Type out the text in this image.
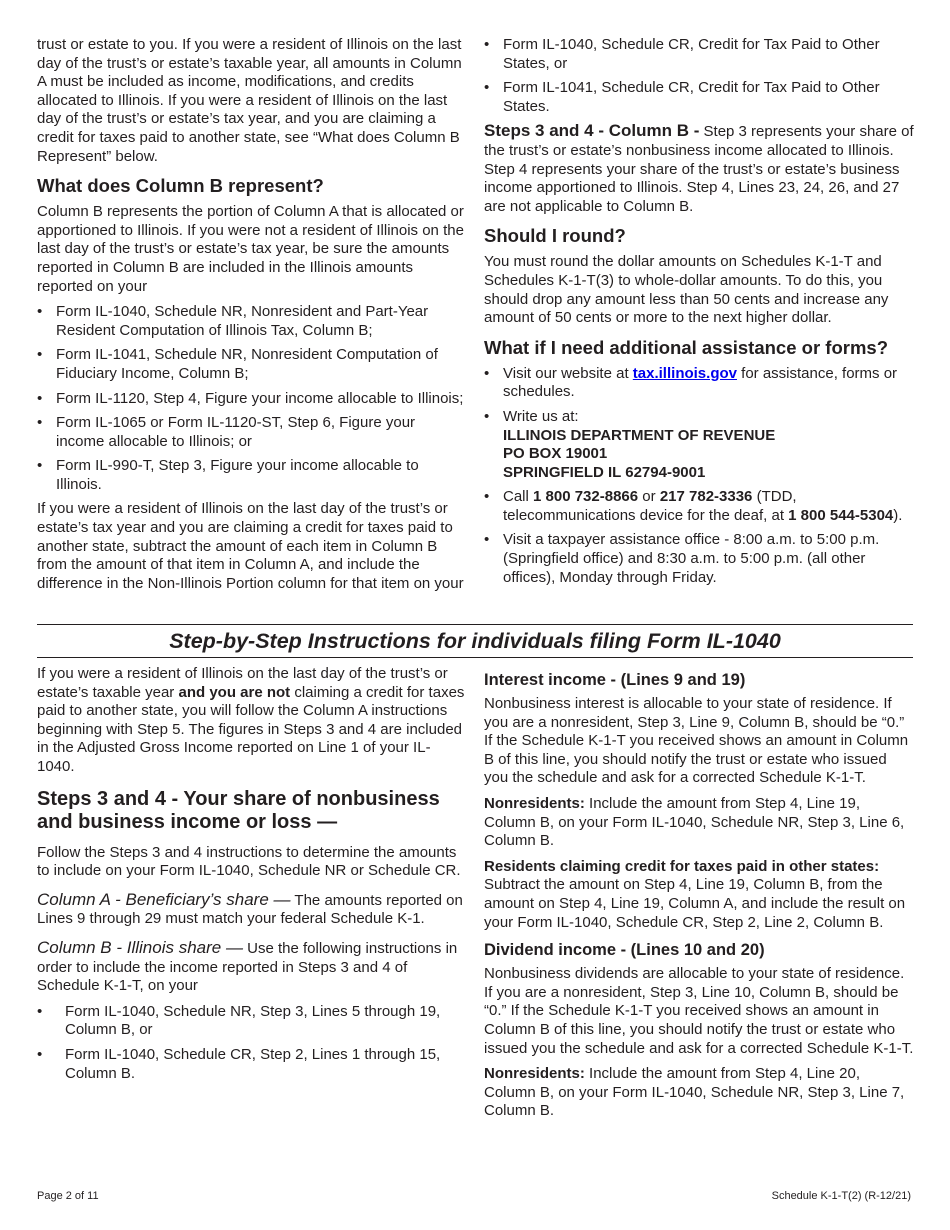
trust or estate to you. If you were a resident of Illinois on the last day of the trust’s or estate’s taxable year, all amounts in Column A must be included as income, modifications, and credits allocated to Illinois. If you were a resident of Illinois on the last day of the trust’s or estate’s tax year, and you are claiming a credit for taxes paid to another state, see “What does Column B Represent” below.

What does Column B represent?

Column B represents the portion of Column A that is allocated or apportioned to Illinois. If you were not a resident of Illinois on the last day of the trust’s or estate’s tax year, be sure the amounts reported in Column B are included in the Illinois amounts reported on your

• Form IL-1040, Schedule NR, Nonresident and Part-Year Resident Computation of Illinois Tax, Column B;
• Form IL-1041, Schedule NR, Nonresident Computation of Fiduciary Income, Column B;
• Form IL-1120, Step 4, Figure your income allocable to Illinois;
• Form IL-1065 or Form IL-1120-ST, Step 6, Figure your income allocable to Illinois; or
• Form IL-990-T, Step 3, Figure your income allocable to Illinois.

If you were a resident of Illinois on the last day of the trust’s or estate’s tax year and you are claiming a credit for taxes paid to another state, subtract the amount of each item in Column B from the amount of that item in Column A, and include the difference in the Non-Illinois Portion column for that item on your

• Form IL-1040, Schedule CR, Credit for Tax Paid to Other States, or
• Form IL-1041, Schedule CR, Credit for Tax Paid to Other States.

Steps 3 and 4 - Column B - Step 3 represents your share of the trust’s or estate’s nonbusiness income allocated to Illinois. Step 4 represents your share of the trust’s or estate’s business income apportioned to Illinois. Step 4, Lines 23, 24, 26, and 27 are not applicable to Column B.

Should I round?

You must round the dollar amounts on Schedules K-1-T and Schedules K-1-T(3) to whole-dollar amounts. To do this, you should drop any amount less than 50 cents and increase any amount of 50 cents or more to the next higher dollar.

What if I need additional assistance or forms?
• Visit our website at tax.illinois.gov for assistance, forms or schedules.
• Write us at:
ILLINOIS DEPARTMENT OF REVENUE
PO BOX 19001
SPRINGFIELD IL 62794-9001
• Call 1 800 732-8866 or 217 782-3336 (TDD, telecommunications device for the deaf, at 1 800 544-5304).
• Visit a taxpayer assistance office - 8:00 a.m. to 5:00 p.m. (Springfield office) and 8:30 a.m. to 5:00 p.m. (all other offices), Monday through Friday.
Step-by-Step Instructions for individuals filing Form IL-1040

If you were a resident of Illinois on the last day of the trust’s or estate’s taxable year and you are not claiming a credit for taxes paid to another state, you will follow the Column A instructions beginning with Step 5. The figures in Steps 3 and 4 are included in the Adjusted Gross Income reported on Line 1 of your IL-1040.

Steps 3 and 4 - Your share of nonbusiness and business income or loss —

Follow the Steps 3 and 4 instructions to determine the amounts to include on your Form IL-1040, Schedule NR or Schedule CR.

Column A - Beneficiary’s share — The amounts reported on Lines 9 through 29 must match your federal Schedule K-1.

Column B - Illinois share — Use the following instructions in order to include the income reported in Steps 3 and 4 of Schedule K-1-T, on your

• Form IL-1040, Schedule NR, Step 3, Lines 5 through 19, Column B, or
• Form IL-1040, Schedule CR, Step 2, Lines 1 through 15, Column B.
Interest income - (Lines 9 and 19)

Nonbusiness interest is allocable to your state of residence. If you are a nonresident, Step 3, Line 9, Column B, should be “0.” If the Schedule K-1-T you received shows an amount in Column B of this line, you should notify the trust or estate who issued you the schedule and ask for a corrected Schedule K-1-T.

Nonresidents: Include the amount from Step 4, Line 19, Column B, on your Form IL-1040, Schedule NR, Step 3, Line 6, Column B.

Residents claiming credit for taxes paid in other states: Subtract the amount on Step 4, Line 19, Column B, from the amount on Step 4, Line 19, Column A, and include the result on your Form IL-1040, Schedule CR, Step 2, Line 2, Column B.

Dividend income - (Lines 10 and 20)

Nonbusiness dividends are allocable to your state of residence. If you are a nonresident, Step 3, Line 10, Column B, should be “0.” If the Schedule K-1-T you received shows an amount in Column B of this line, you should notify the trust or estate who issued you the schedule and ask for a corrected Schedule K-1-T.

Nonresidents: Include the amount from Step 4, Line 20, Column B, on your Form IL-1040, Schedule NR, Step 3, Line 7, Column B.

Page 2 of 11	Schedule K-1-T(2) (R-12/21)
